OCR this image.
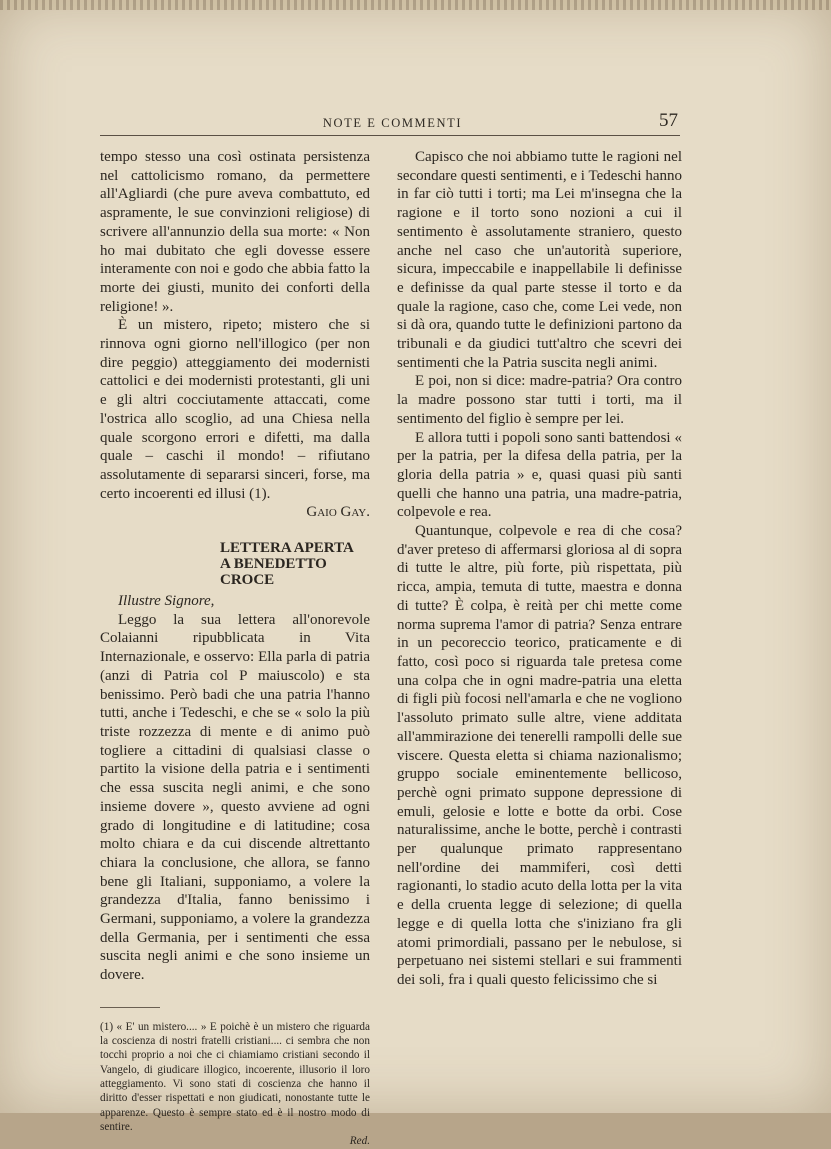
NOTE E COMMENTI	57

tempo stesso una così ostinata persistenza nel cattolicismo romano, da permettere all'Agliardi (che pure aveva combattuto, ed aspramente, le sue convinzioni religiose) di scrivere all'annunzio della sua morte: « Non ho mai dubitato che egli dovesse essere interamente con noi e godo che abbia fatto la morte dei giusti, munito dei conforti della religione! ».

È un mistero, ripeto; mistero che si rinnova ogni giorno nell'illogico (per non dire peggio) atteggiamento dei modernisti cattolici e dei modernisti protestanti, gli uni e gli altri cocciutamente attaccati, come l'ostrica allo scoglio, ad una Chiesa nella quale scorgono errori e difetti, ma dalla quale – caschi il mondo! – rifiutano assolutamente di separarsi sinceri, forse, ma certo incoerenti ed illusi (1).

Gaio Gay.
LETTERA APERTA
A BENEDETTO CROCE

Illustre Signore,

Leggo la sua lettera all'onorevole Colaianni ripubblicata in Vita Internazionale, e osservo: Ella parla di patria (anzi di Patria col P maiuscolo) e sta benissimo. Però badi che una patria l'hanno tutti, anche i Tedeschi, e che se « solo la più triste rozzezza di mente e di animo può togliere a cittadini di qualsiasi classe o partito la visione della patria e i sentimenti che essa suscita negli animi, e che sono insieme dovere », questo avviene ad ogni grado di longitudine e di latitudine; cosa molto chiara e da cui discende altrettanto chiara la conclusione, che allora, se fanno bene gli Italiani, supponiamo, a volere la grandezza d'Italia, fanno benissimo i Germani, supponiamo, a volere la grandezza della Germania, per i sentimenti che essa suscita negli animi e che sono insieme un dovere.

(1) « E' un mistero.... » E poichè è un mistero che riguarda la coscienza di nostri fratelli cristiani.... ci sembra che non tocchi proprio a noi che ci chiamiamo cristiani secondo il Vangelo, di giudicare illogico, incoerente, illusorio il loro atteggiamento. Vi sono stati di coscienza che hanno il diritto d'esser rispettati e non giudicati, nonostante tutte le apparenze. Questo è sempre stato ed è il nostro modo di sentire.

Red.

Capisco che noi abbiamo tutte le ragioni nel secondare questi sentimenti, e i Tedeschi hanno in far ciò tutti i torti; ma Lei m'insegna che la ragione e il torto sono nozioni a cui il sentimento è assolutamente straniero, questo anche nel caso che un'autorità superiore, sicura, impeccabile e inappellabile li definisse e definisse da qual parte stesse il torto e da quale la ragione, caso che, come Lei vede, non si dà ora, quando tutte le definizioni partono da tribunali e da giudici tutt'altro che scevri dei sentimenti che la Patria suscita negli animi.

E poi, non si dice: madre-patria? Ora contro la madre possono star tutti i torti, ma il sentimento del figlio è sempre per lei.

E allora tutti i popoli sono santi battendosi « per la patria, per la difesa della patria, per la gloria della patria » e, quasi quasi più santi quelli che hanno una patria, una madre-patria, colpevole e rea.

Quantunque, colpevole e rea di che cosa? d'aver preteso di affermarsi gloriosa al di sopra di tutte le altre, più forte, più rispettata, più ricca, ampia, temuta di tutte, maestra e donna di tutte? È colpa, è reità per chi mette come norma suprema l'amor di patria? Senza entrare in un pecoreccio teorico, praticamente e di fatto, così poco si riguarda tale pretesa come una colpa che in ogni madre-patria una eletta di figli più focosi nell'amarla e che ne vogliono l'assoluto primato sulle altre, viene additata all'ammirazione dei tenerelli rampolli delle sue viscere. Questa eletta si chiama nazionalismo; gruppo sociale eminentemente bellicoso, perchè ogni primato suppone depressione di emuli, gelosie e lotte e botte da orbi. Cose naturalissime, anche le botte, perchè i contrasti per qualunque primato rappresentano nell'ordine dei mammiferi, così detti ragionanti, lo stadio acuto della lotta per la vita e della cruenta legge di selezione; di quella legge e di quella lotta che s'iniziano fra gli atomi primordiali, passano per le nebulose, si perpetuano nei sistemi stellari e sui frammenti dei soli, fra i quali questo felicissimo che si
